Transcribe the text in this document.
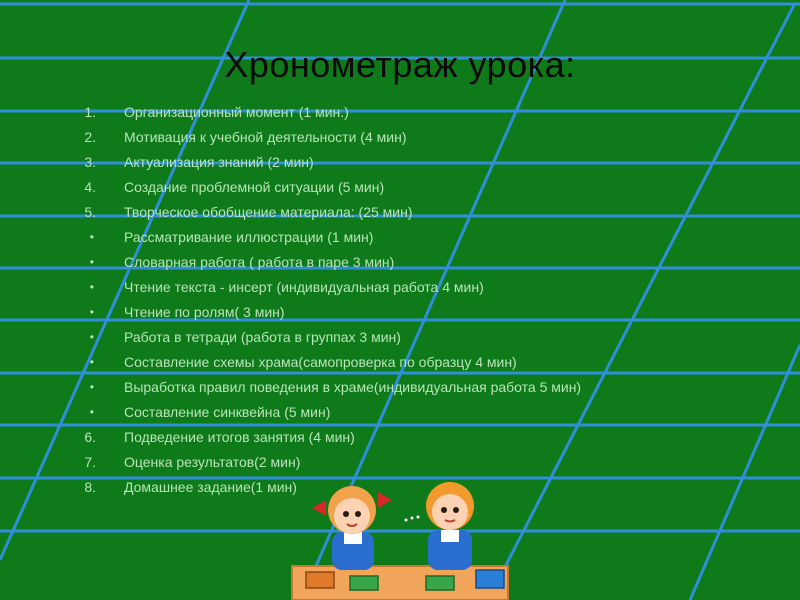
Хронометраж урока:
1. Организационный момент (1 мин.)
2. Мотивация к учебной деятельности (4 мин)
3. Актуализация знаний (2 мин)
4. Создание проблемной ситуации (5 мин)
5. Творческое обобщение материала: (25 мин)
• Рассматривание иллюстрации (1 мин)
• Словарная работа ( работа в паре 3 мин)
• Чтение текста - инсерт (индивидуальная работа 4 мин)
• Чтение по ролям( 3 мин)
• Работа в тетради (работа в группах 3 мин)
• Составление схемы храма(самопроверка по образцу 4 мин)
• Выработка правил поведения в храме(индивидуальная работа 5 мин)
• Составление синквейна (5 мин)
6. Подведение итогов занятия (4 мин)
7. Оценка результатов(2 мин)
8. Домашнее задание(1 мин)
